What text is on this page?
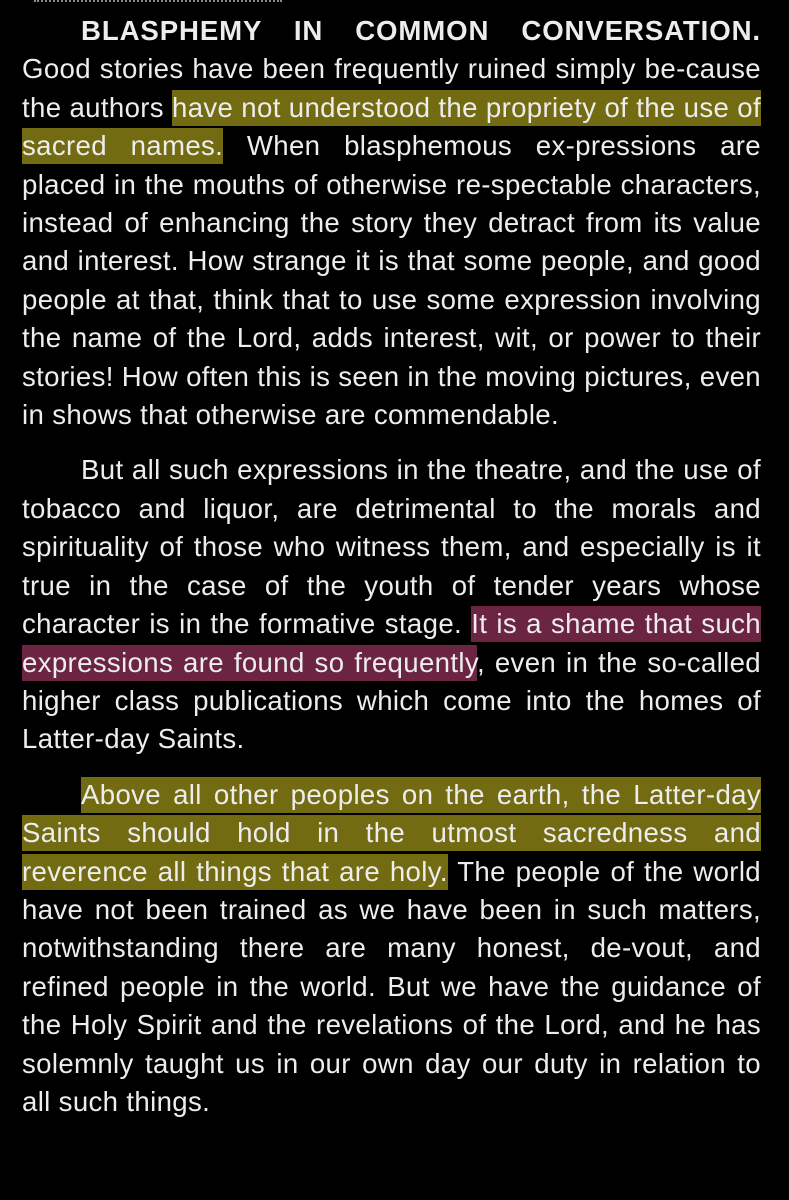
BLASPHEMY IN COMMON CONVERSATION. Good stories have been frequently ruined simply be-cause the authors have not understood the propriety of the use of sacred names. When blasphemous ex-pressions are placed in the mouths of otherwise re-spectable characters, instead of enhancing the story they detract from its value and interest. How strange it is that some people, and good people at that, think that to use some expression involving the name of the Lord, adds interest, wit, or power to their stories! How often this is seen in the moving pictures, even in shows that otherwise are commendable.

But all such expressions in the theatre, and the use of tobacco and liquor, are detrimental to the morals and spirituality of those who witness them, and especially is it true in the case of the youth of tender years whose character is in the formative stage. It is a shame that such expressions are found so frequently, even in the so-called higher class publications which come into the homes of Latter-day Saints.

Above all other peoples on the earth, the Latter-day Saints should hold in the utmost sacredness and reverence all things that are holy. The people of the world have not been trained as we have been in such matters, notwithstanding there are many honest, de-vout, and refined people in the world. But we have the guidance of the Holy Spirit and the revelations of the Lord, and he has solemnly taught us in our own day our duty in relation to all such things.
